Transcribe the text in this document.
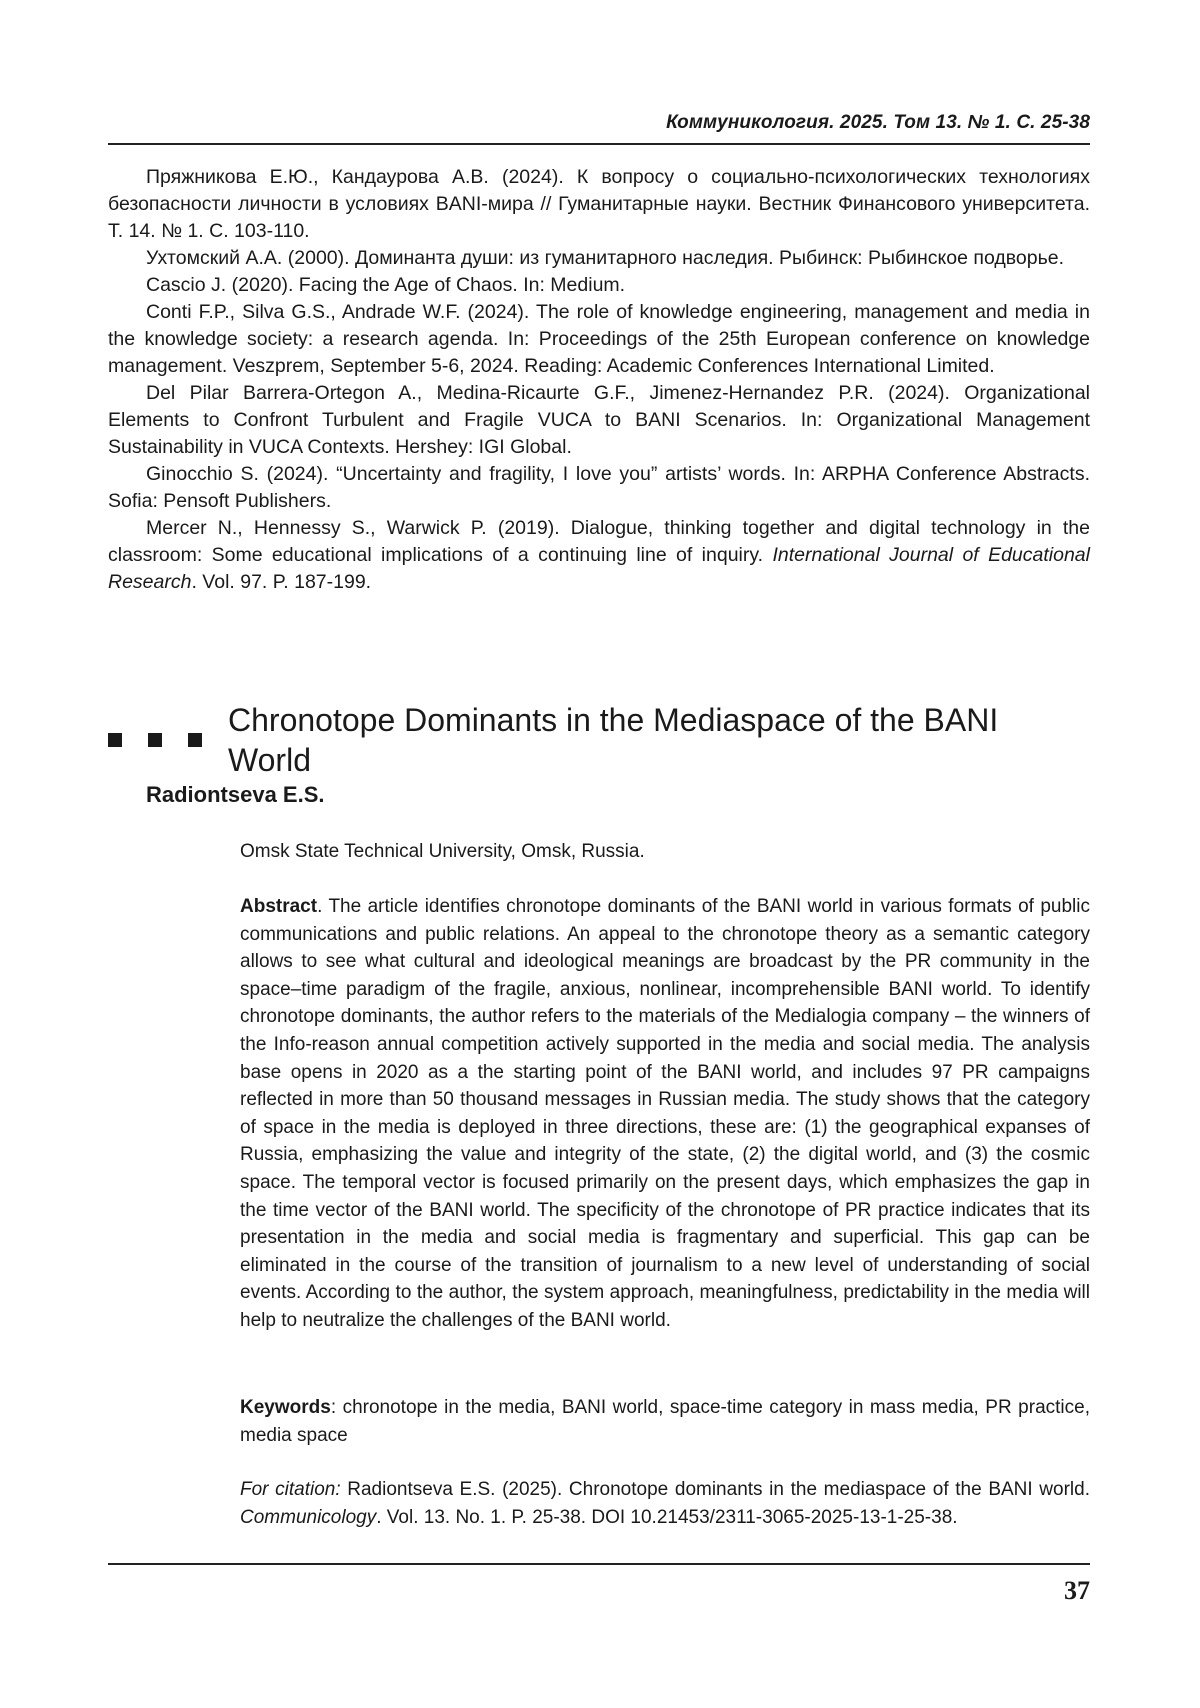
Коммуникология. 2025. Том 13. № 1. С. 25-38

Пряжникова Е.Ю., Кандаурова А.В. (2024). К вопросу о социально-психологических технологиях безопасности личности в условиях BANI-мира // Гуманитарные науки. Вестник Финансового университета. Т. 14. № 1. С. 103-110.

Ухтомский А.А. (2000). Доминанта души: из гуманитарного наследия. Рыбинск: Рыбинское подворье.

Cascio J. (2020). Facing the Age of Chaos. In: Medium.

Conti F.P., Silva G.S., Andrade W.F. (2024). The role of knowledge engineering, management and media in the knowledge society: a research agenda. In: Proceedings of the 25th European conference on knowledge management. Veszprem, September 5-6, 2024. Reading: Academic Conferences International Limited.

Del Pilar Barrera-Ortegon A., Medina-Ricaurte G.F., Jimenez-Hernandez P.R. (2024). Organizational Elements to Confront Turbulent and Fragile VUCA to BANI Scenarios. In: Organizational Management Sustainability in VUCA Contexts. Hershey: IGI Global.

Ginocchio S. (2024). “Uncertainty and fragility, I love you” artists’ words. In: ARPHA Conference Abstracts. Sofia: Pensoft Publishers.

Mercer N., Hennessy S., Warwick P. (2019). Dialogue, thinking together and digital technology in the classroom: Some educational implications of a continuing line of inquiry. International Journal of Educational Research. Vol. 97. P. 187-199.

Chronotope Dominants in the Mediaspace of the BANI World
Radiontseva E.S.
Omsk State Technical University, Omsk, Russia.

Abstract. The article identifies chronotope dominants of the BANI world in various formats of public communications and public relations. An appeal to the chronotope theory as a semantic category allows to see what cultural and ideological meanings are broadcast by the PR community in the space–time paradigm of the fragile, anxious, nonlinear, incomprehensible BANI world. To identify chronotope dominants, the author refers to the materials of the Medialogia company – the winners of the Info-reason annual competition actively supported in the media and social media. The analysis base opens in 2020 as a the starting point of the BANI world, and includes 97 PR campaigns reflected in more than 50 thousand messages in Russian media. The study shows that the category of space in the media is deployed in three directions, these are: (1) the geographical expanses of Russia, emphasizing the value and integrity of the state, (2) the digital world, and (3) the cosmic space. The temporal vector is focused primarily on the present days, which emphasizes the gap in the time vector of the BANI world. The specificity of the chronotope of PR practice indicates that its presentation in the media and social media is fragmentary and superficial. This gap can be eliminated in the course of the transition of journalism to a new level of understanding of social events. According to the author, the system approach, meaningfulness, predictability in the media will help to neutralize the challenges of the BANI world.

Keywords: chronotope in the media, BANI world, space-time category in mass media, PR practice, media space

For citation: Radiontseva E.S. (2025). Chronotope dominants in the mediaspace of the BANI world. Communicology. Vol. 13. No. 1. P. 25-38. DOI 10.21453/2311-3065-2025-13-1-25-38.

37
